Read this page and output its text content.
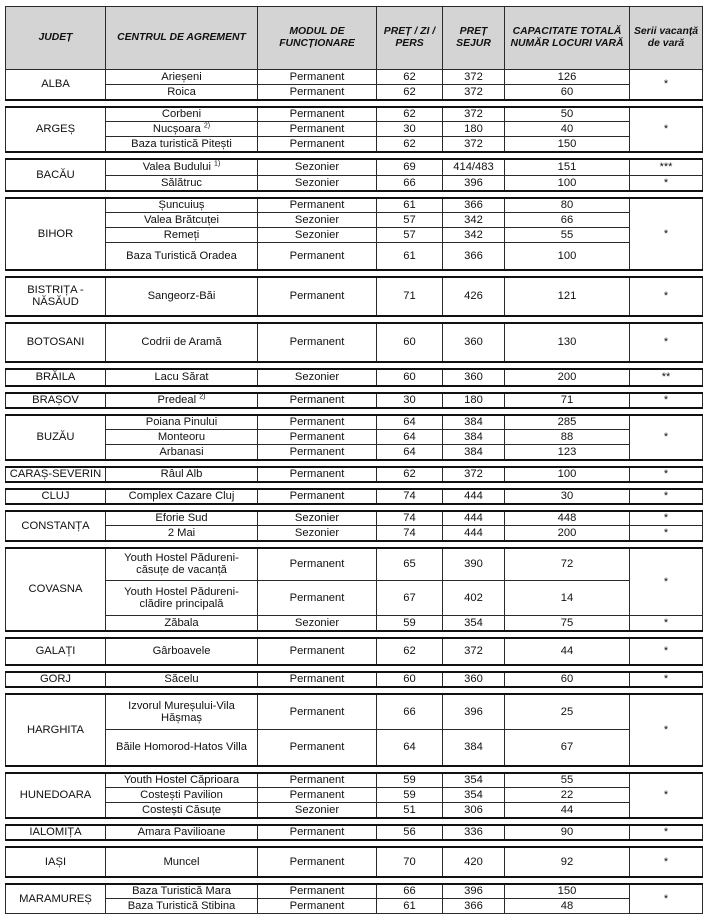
JUDEȚ	CENTRUL DE AGREMENT	MODUL DE FUNCȚIONARE	PREȚ / ZI / PERS	PREȚ SEJUR	CAPACITATE TOTALĂ NUMĂR LOCURI VARĂ	Serii vacanță de vară
ALBA	Arieșeni	Permanent	62	372	126	*
	Roica	Permanent	62	372	60	

ARGEȘ	Corbeni	Permanent	62	372	50	*
	Nucșoara $^{2)}$	Permanent	30	180	40	
	Baza turistică Pitești	Permanent	62	372	150	

BACĂU	Valea Budului $^{1)}$	Sezonier	69	414/483	151	***
	Sălătruc	Sezonier	66	396	100	*

BIHOR	Șuncuiuș	Permanent	61	366	80	*
	Valea Brătcuței	Sezonier	57	342	66	
	Remeți	Sezonier	57	342	55	
	Baza Turistică Oradea	Permanent	61	366	100	

BISTRIȚA - NĂSĂUD	Sangeorz-Băi	Permanent	71	426	121	*

BOTOSANI	Codrii de Aramă	Permanent	60	360	130	*

BRĂILA	Lacu Sărat	Sezonier	60	360	200	**

BRAȘOV	Predeal $^{2)}$	Permanent	30	180	71	*

BUZĂU	Poiana Pinului	Permanent	64	384	285	*
	Monteoru	Permanent	64	384	88	
	Arbanasi	Permanent	64	384	123	

CARAȘ-SEVERIN	Râul Alb	Permanent	62	372	100	*

CLUJ	Complex Cazare Cluj	Permanent	74	444	30	*

CONSTANȚA	Eforie Sud	Sezonier	74	444	448	*
	2 Mai	Sezonier	74	444	200	*

COVASNA	Youth Hostel Pădureni-căsuțe de vacanță	Permanent	65	390	72	*
	Youth Hostel Pădureni-clădire principală	Permanent	67	402	14	
	Zăbala	Sezonier	59	354	75	*

GALAȚI	Gârboavele	Permanent	62	372	44	*

GORJ	Săcelu	Permanent	60	360	60	*

HARGHITA	Izvorul Mureșului-Vila Hășmaș	Permanent	66	396	25	*
	Băile Homorod-Hatos Villa	Permanent	64	384	67	

HUNEDOARA	Youth Hostel Căprioara	Permanent	59	354	55	*
	Costești Pavilion	Permanent	59	354	22	
	Costești Căsuțe	Sezonier	51	306	44	

IALOMIȚA	Amara Pavilioane	Permanent	56	336	90	*

IAȘI	Muncel	Permanent	70	420	92	*

MARAMUREȘ	Baza Turistică Mara	Permanent	66	396	150	*
	Baza Turistică Stibina	Permanent	61	366	48	
